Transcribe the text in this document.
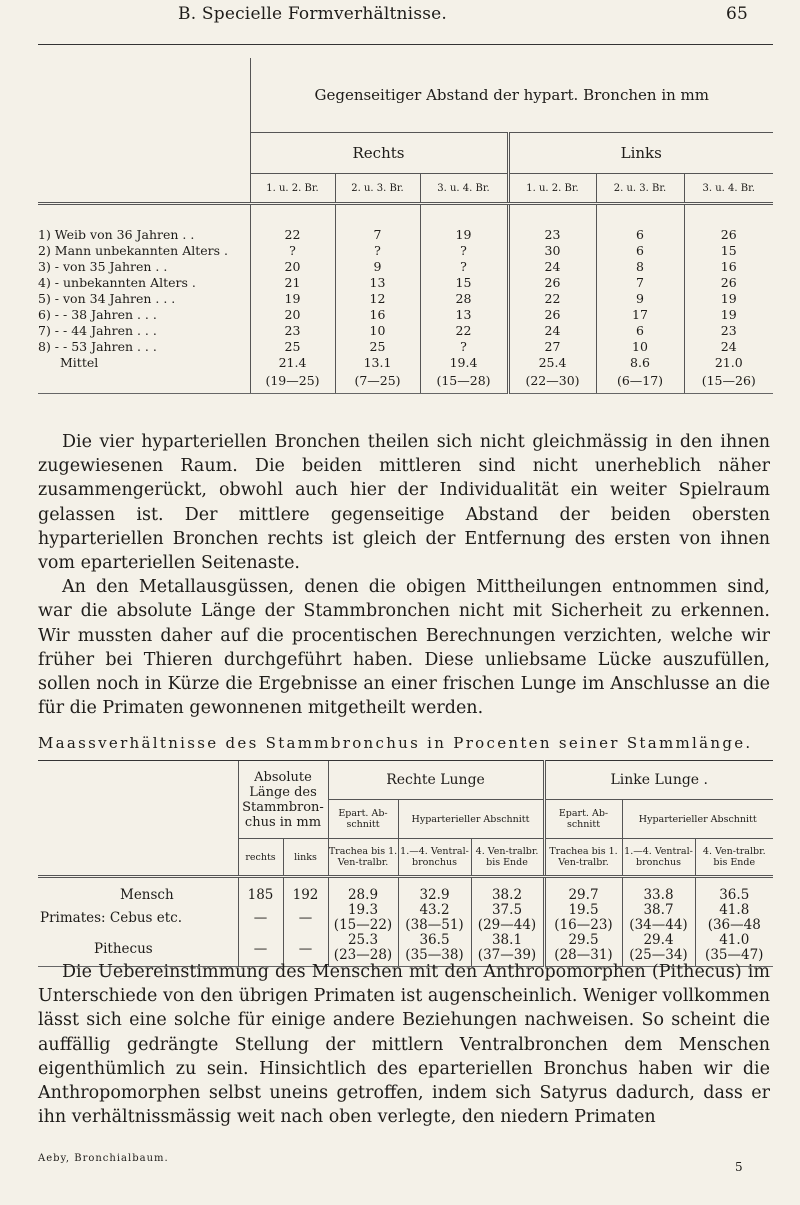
B. Specielle Formverhältnisse.	65
	Gegenseitiger Abstand der hypart. Bronchen in mm					
	Rechts			Links		
	1. u. 2. Br.	2. u. 3. Br.	3. u. 4. Br.	1. u. 2. Br.	2. u. 3. Br.	3. u. 4. Br.
1) Weib von 36 Jahren . .	22	7	19	23	6	26
2) Mann unbekannten Alters .	?	?	?	30	6	15
3) - von 35 Jahren . .	20	9	?	24	8	16
4) - unbekannten Alters .	21	13	15	26	7	26
5) - von 34 Jahren . . .	19	12	28	22	9	19
6) - - 38 Jahren . . .	20	16	13	26	17	19
7) - - 44 Jahren . . .	23	10	22	24	6	23
8) - - 53 Jahren . . .	25	25	?	27	10	24
Mittel	21.4	13.1	19.4	25.4	8.6	21.0
	(19—25)	(7—25)	(15—28)	(22—30)	(6—17)	(15—26)

Die vier hyparteriellen Bronchen theilen sich nicht gleichmässig in den ihnen zugewiesenen Raum. Die beiden mittleren sind nicht unerheblich näher zusammengerückt, obwohl auch hier der Individualität ein weiter Spielraum gelassen ist. Der mittlere gegenseitige Abstand der beiden obersten hyparteriellen Bronchen rechts ist gleich der Entfernung des ersten von ihnen vom eparteriellen Seitenaste.

An den Metallausgüssen, denen die obigen Mittheilungen entnommen sind, war die absolute Länge der Stammbronchen nicht mit Sicherheit zu erkennen. Wir mussten daher auf die procentischen Berechnungen verzichten, welche wir früher bei Thieren durchgeführt haben. Diese unliebsame Lücke auszufüllen, sollen noch in Kürze die Ergebnisse an einer frischen Lunge im Anschlusse an die für die Primaten gewonnenen mitgetheilt werden.

Maassverhältnisse des Stammbronchus in Procenten seiner Stammlänge.
	Absolute Länge des Stammbron-chus in mm		Rechte Lunge			Linke Lunge .		
			Epart. Ab-schnitt	Hyparterieller Abschnitt		Epart. Ab-schnitt	Hyparterieller Abschnitt	
	rechts	links	Trachea bis 1. Ven-tralbr.	1.—4. Ventral-bronchus	4. Ven-tralbr. bis Ende	Trachea bis 1. Ven-tralbr.	1.—4. Ventral-bronchus	4. Ven-tralbr. bis Ende
Mensch	185	192	28.9	32.9	38.2	29.7	33.8	36.5
Primates: Cebus etc.	—	—	19.3	43.2	37.5	19.5	38.7	41.8
			(15—22)	(38—51)	(29—44)	(16—23)	(34—44)	(36—48
Pithecus	—	—	25.3	36.5	38.1	29.5	29.4	41.0
			(23—28)	(35—38)	(37—39)	(28—31)	(25—34)	(35—47)

Die Uebereinstimmung des Menschen mit den Anthropomorphen (Pithecus) im Unterschiede von den übrigen Primaten ist augenscheinlich. Weniger vollkommen lässt sich eine solche für einige andere Beziehungen nachweisen. So scheint die auffällig gedrängte Stellung der mittlern Ventralbronchen dem Menschen eigenthümlich zu sein. Hinsichtlich des eparteriellen Bronchus haben wir die Anthropomorphen selbst uneins getroffen, indem sich Satyrus dadurch, dass er ihn verhältnissmässig weit nach oben verlegte, den niedern Primaten

Aeby, Bronchialbaum.
5
